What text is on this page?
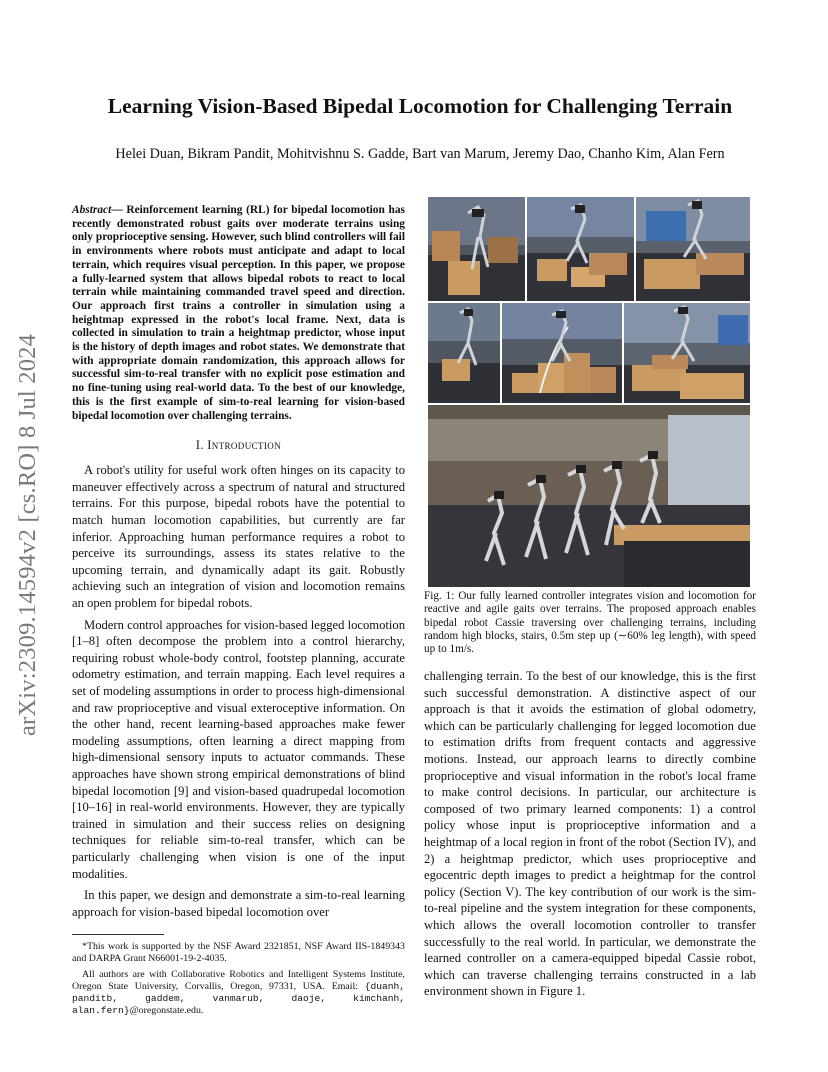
arXiv:2309.14594v2 [cs.RO] 8 Jul 2024
Learning Vision-Based Bipedal Locomotion for Challenging Terrain
Helei Duan, Bikram Pandit, Mohitvishnu S. Gadde, Bart van Marum, Jeremy Dao, Chanho Kim, Alan Fern

Abstract— Reinforcement learning (RL) for bipedal locomotion has recently demonstrated robust gaits over moderate terrains using only proprioceptive sensing. However, such blind controllers will fail in environments where robots must anticipate and adapt to local terrain, which requires visual perception. In this paper, we propose a fully-learned system that allows bipedal robots to react to local terrain while maintaining commanded travel speed and direction. Our approach first trains a controller in simulation using a heightmap expressed in the robot's local frame. Next, data is collected in simulation to train a heightmap predictor, whose input is the history of depth images and robot states. We demonstrate that with appropriate domain randomization, this approach allows for successful sim-to-real transfer with no explicit pose estimation and no fine-tuning using real-world data. To the best of our knowledge, this is the first example of sim-to-real learning for vision-based bipedal locomotion over challenging terrains.

I. Introduction

A robot's utility for useful work often hinges on its capacity to maneuver effectively across a spectrum of natural and structured terrains. For this purpose, bipedal robots have the potential to match human locomotion capabilities, but currently are far inferior. Approaching human performance requires a robot to perceive its surroundings, assess its states relative to the upcoming terrain, and dynamically adapt its gait. Robustly achieving such an integration of vision and locomotion remains an open problem for bipedal robots.

Modern control approaches for vision-based legged locomotion [1–8] often decompose the problem into a control hierarchy, requiring robust whole-body control, footstep planning, accurate odometry estimation, and terrain mapping. Each level requires a set of modeling assumptions in order to process high-dimensional and raw proprioceptive and visual exteroceptive information. On the other hand, recent learning-based approaches make fewer modeling assumptions, often learning a direct mapping from high-dimensional sensory inputs to actuator commands. These approaches have shown strong empirical demonstrations of blind bipedal locomotion [9] and vision-based quadrupedal locomotion [10–16] in real-world environments. However, they are typically trained in simulation and their success relies on designing techniques for reliable sim-to-real transfer, which can be particularly challenging when vision is one of the input modalities.

In this paper, we design and demonstrate a sim-to-real learning approach for vision-based bipedal locomotion over

*This work is supported by the NSF Award 2321851, NSF Award IIS-1849343 and DARPA Grant N66001-19-2-4035.

All authors are with Collaborative Robotics and Intelligent Systems Institute, Oregon State University, Corvallis, Oregon, 97331, USA. Email: {duanh, panditb, gaddem, vanmarub, daoje, kimchanh, alan.fern}@oregonstate.edu.

Fig. 1: Our fully learned controller integrates vision and locomotion for reactive and agile gaits over terrains. The proposed approach enables bipedal robot Cassie traversing over challenging terrains, including random high blocks, stairs, 0.5m step up (∼60% leg length), with speed up to 1m/s.

challenging terrain. To the best of our knowledge, this is the first such successful demonstration. A distinctive aspect of our approach is that it avoids the estimation of global odometry, which can be particularly challenging for legged locomotion due to estimation drifts from frequent contacts and aggressive motions. Instead, our approach learns to directly combine proprioceptive and visual information in the robot's local frame to make control decisions. In particular, our architecture is composed of two primary learned components: 1) a control policy whose input is proprioceptive information and a heightmap of a local region in front of the robot (Section IV), and 2) a heightmap predictor, which uses proprioceptive and egocentric depth images to predict a heightmap for the control policy (Section V). The key contribution of our work is the sim-to-real pipeline and the system integration for these components, which allows the overall locomotion controller to transfer successfully to the real world. In particular, we demonstrate the learned controller on a camera-equipped bipedal Cassie robot, which can traverse challenging terrains constructed in a lab environment shown in Figure 1.
